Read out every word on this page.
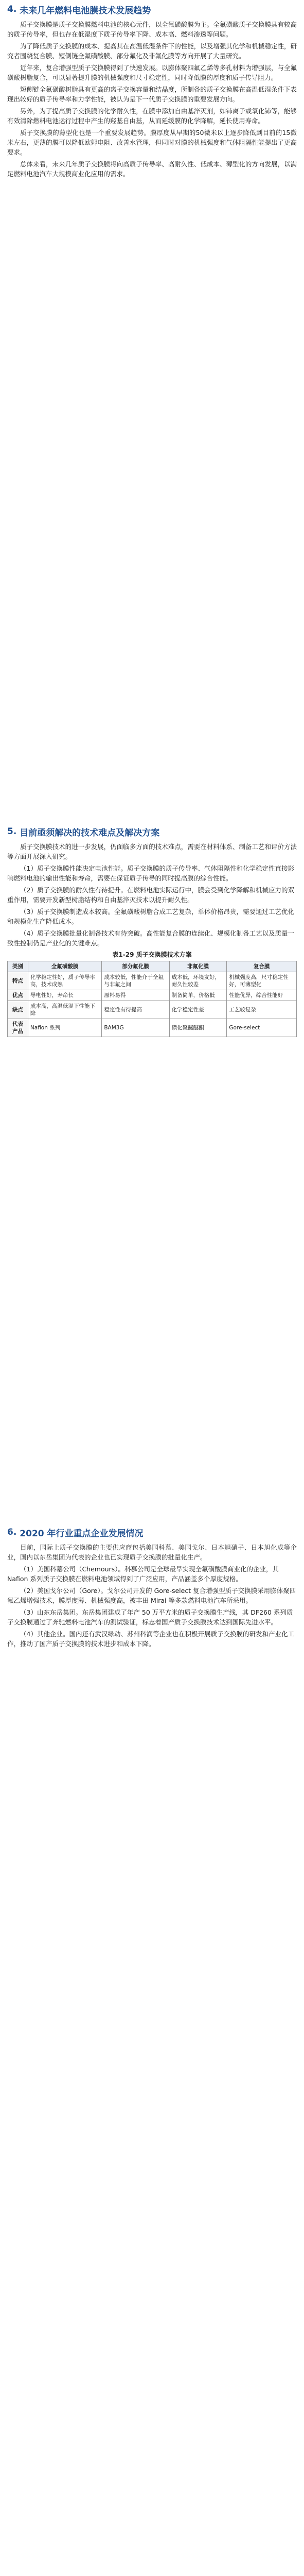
4. 未来几年燃料电池膜技术发展趋势

质子交换膜是质子交换膜燃料电池的核心元件，以全氟磺酸膜为主。全氟磺酸质子交换膜具有较高的质子传导率，但也存在低湿度下质子传导率下降、成本高、燃料渗透等问题。

为了降低质子交换膜的成本、提高其在高温低湿条件下的性能，以及增强其化学和机械稳定性，研究者围绕复合膜、短侧链全氟磺酸膜、部分氟化及非氟化膜等方向开展了大量研究。

近年来，复合增强型质子交换膜得到了快速发展。以膨体聚四氟乙烯等多孔材料为增强层，与全氟磺酸树脂复合，可以显著提升膜的机械强度和尺寸稳定性，同时降低膜的厚度和质子传导阻力。

短侧链全氟磺酸树脂具有更高的离子交换容量和结晶度，所制备的质子交换膜在高温低湿条件下表现出较好的质子传导率和力学性能，被认为是下一代质子交换膜的重要发展方向。

另外，为了提高质子交换膜的化学耐久性，在膜中添加自由基淬灭剂，如铈离子或氧化铈等，能够有效清除燃料电池运行过程中产生的羟基自由基，从而延缓膜的化学降解，延长使用寿命。

质子交换膜的薄型化也是一个重要发展趋势。膜厚度从早期的50微米以上逐步降低到目前的15微米左右，更薄的膜可以降低欧姆电阻、改善水管理，但同时对膜的机械强度和气体阻隔性能提出了更高要求。

总体来看，未来几年质子交换膜将向高质子传导率、高耐久性、低成本、薄型化的方向发展，以满足燃料电池汽车大规模商业化应用的需求。

5. 目前亟须解决的技术难点及解决方案

质子交换膜技术的进一步发展，仍面临多方面的技术难点，需要在材料体系、制备工艺和评价方法等方面开展深入研究。

（1）质子交换膜性能决定电池性能。质子交换膜的质子传导率、气体阻隔性和化学稳定性直接影响燃料电池的输出性能和寿命，需要在保证质子传导的同时提高膜的综合性能。

（2）质子交换膜的耐久性有待提升。在燃料电池实际运行中，膜会受到化学降解和机械应力的双重作用，需要开发新型树脂结构和自由基淬灭技术以提升耐久性。

（3）质子交换膜制造成本较高。全氟磺酸树脂合成工艺复杂，单体价格昂贵，需要通过工艺优化和规模化生产降低成本。

（4）质子交换膜批量化制备技术有待突破。高性能复合膜的连续化、规模化制备工艺以及质量一致性控制仍是产业化的关键难点。

表1-29 质子交换膜技术方案
类别	全氟磺酸膜	部分氟化膜	非氟化膜	复合膜
特点	化学稳定性好，质子传导率高，技术成熟	成本较低，性能介于全氟与非氟之间	成本低，环境友好，耐久性较差	机械强度高，尺寸稳定性好，可薄型化
优点	导电性好，寿命长	原料易得	制备简单，价格低	性能优异，综合性能好
缺点	成本高，高温低湿下性能下降	稳定性有待提高	化学稳定性差	工艺较复杂
代表产品	Nafion 系列	BAM3G	磺化聚醚醚酮	Gore-select
6. 2020 年行业重点企业发展情况

目前，国际上质子交换膜的主要供应商包括美国科慕、美国戈尔、日本旭硝子、日本旭化成等企业，国内以东岳集团为代表的企业也已实现质子交换膜的批量化生产。

（1）美国科慕公司（Chemours）。科慕公司是全球最早实现全氟磺酸膜商业化的企业，其 Nafion 系列质子交换膜在燃料电池领域得到了广泛应用，产品涵盖多个厚度规格。

（2）美国戈尔公司（Gore）。戈尔公司开发的 Gore-select 复合增强型质子交换膜采用膨体聚四氟乙烯增强技术，膜厚度薄、机械强度高，被丰田 Mirai 等多款燃料电池汽车所采用。

（3）山东东岳集团。东岳集团建成了年产 50 万平方米的质子交换膜生产线，其 DF260 系列质子交换膜通过了奔驰燃料电池汽车的测试验证，标志着国产质子交换膜技术达到国际先进水平。

（4）其他企业。国内还有武汉绿动、苏州科润等企业也在积极开展质子交换膜的研发和产业化工作，推动了国产质子交换膜的技术进步和成本下降。
